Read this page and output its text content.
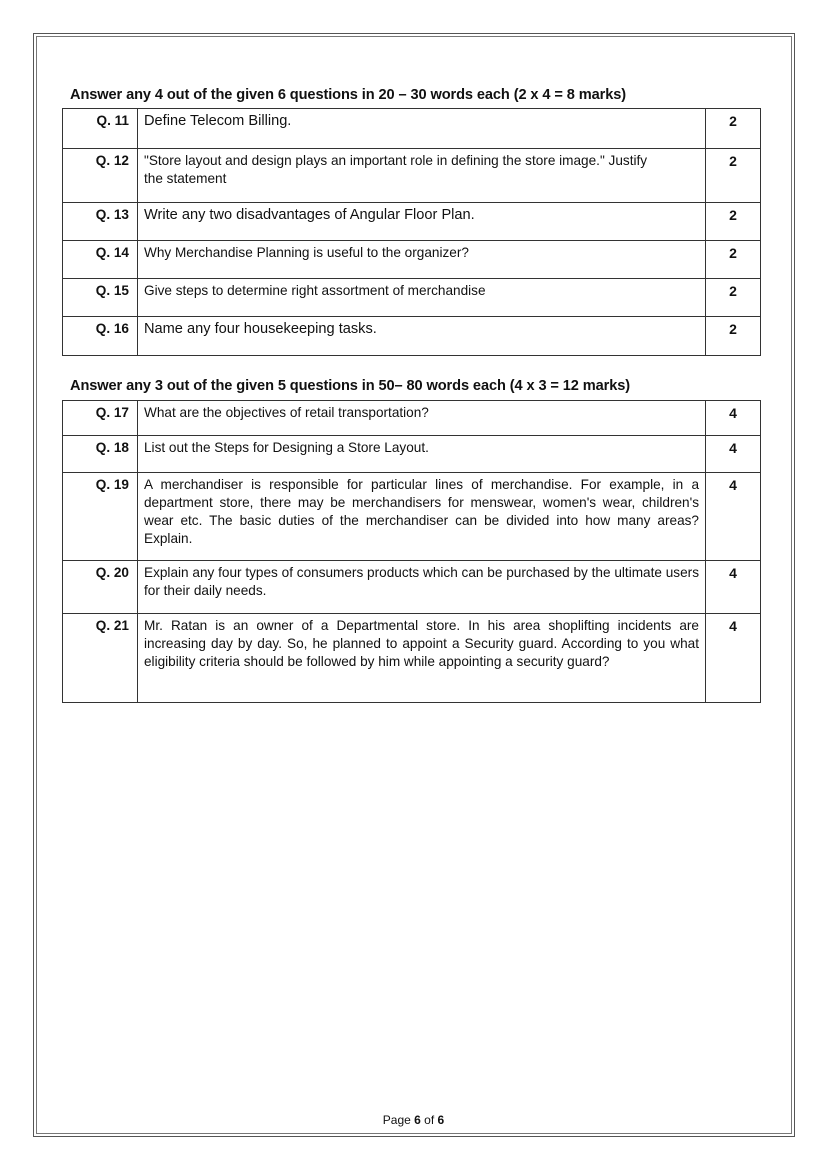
Answer any 4 out of the given 6 questions in 20 – 30 words each (2 x 4 = 8 marks)
Q. 11	Define Telecom Billing.	2
Q. 12	"Store layout and design plays an important role in defining the store image." Justify the statement	2
Q. 13	Write any two disadvantages of Angular Floor Plan.	2
Q. 14	Why Merchandise Planning is useful to the organizer?	2
Q. 15	Give steps to determine right assortment of merchandise	2
Q. 16	Name any four housekeeping tasks.	2
Answer any 3 out of the given 5 questions in 50– 80 words each (4 x 3 = 12 marks)
Q. 17	What are the objectives of retail transportation?	4
Q. 18	List out the Steps for Designing a Store Layout.	4
Q. 19	A merchandiser is responsible for particular lines of merchandise. For example, in a department store, there may be merchandisers for menswear, women's wear, children's wear etc. The basic duties of the merchandiser can be divided into how many areas? Explain.	4
Q. 20	Explain any four types of consumers products which can be purchased by the ultimate users for their daily needs.	4
Q. 21	Mr. Ratan is an owner of a Departmental store. In his area shoplifting incidents are increasing day by day. So, he planned to appoint a Security guard. According to you what eligibility criteria should be followed by him while appointing a security guard?	4
Page 6 of 6
